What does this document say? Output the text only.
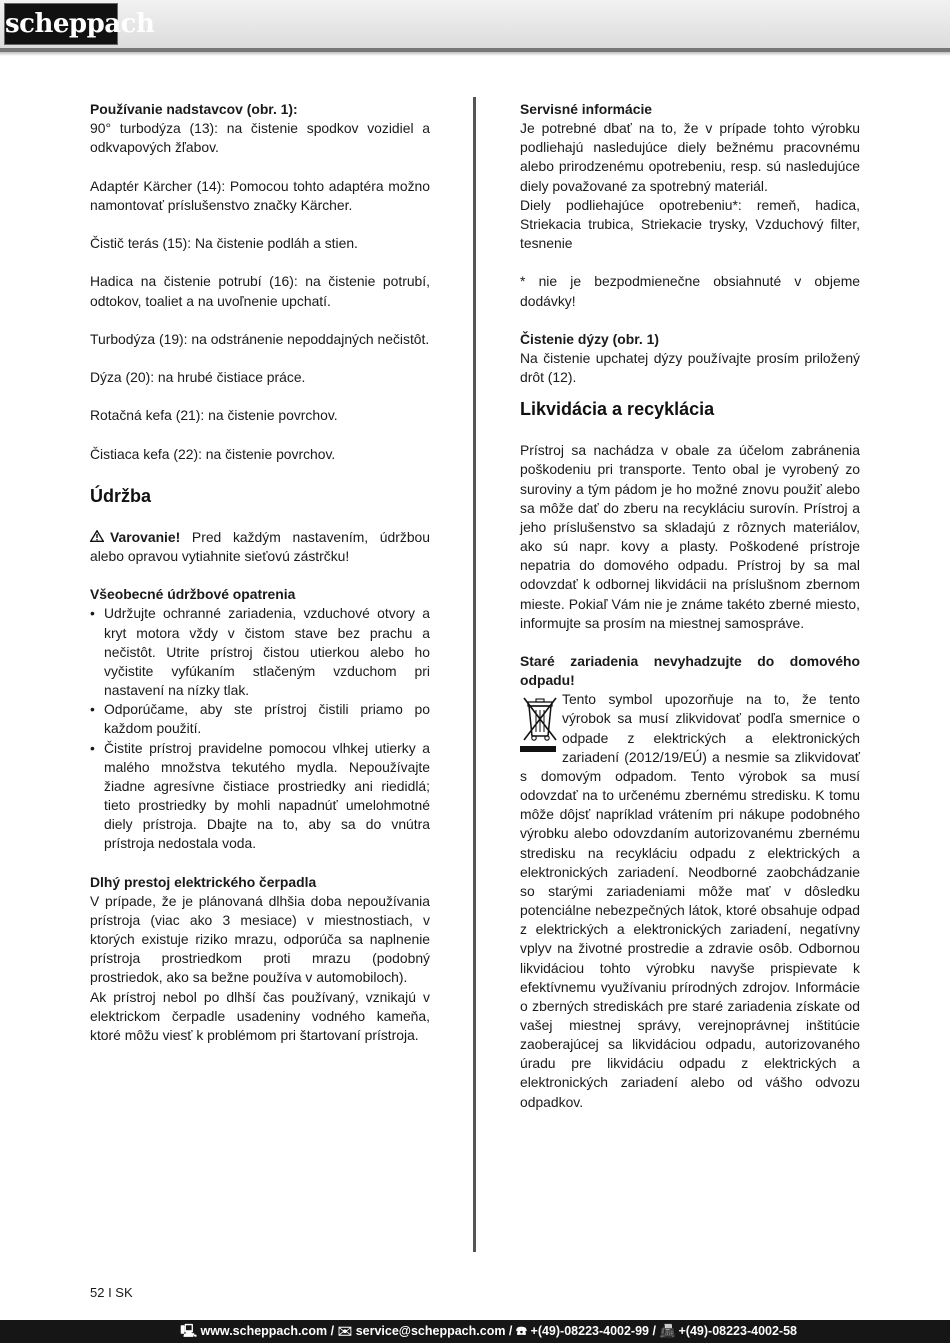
scheppach

Používanie nadstavcov (obr. 1):

90° turbodýza (13): na čistenie spodkov vozidiel a odkvapových žľabov.

Adaptér Kärcher (14): Pomocou tohto adaptéra možno namontovať príslušenstvo značky Kärcher.

Čistič terás (15): Na čistenie podláh a stien.

Hadica na čistenie potrubí (16): na čistenie potrubí, odtokov, toaliet a na uvoľnenie upchatí.

Turbodýza (19): na odstránenie nepoddajných nečistôt.

Dýza (20): na hrubé čistiace práce.

Rotačná kefa (21): na čistenie povrchov.

Čistiaca kefa (22): na čistenie povrchov.

Údržba

Varovanie! Pred každým nastavením, údržbou alebo opravou vytiahnite sieťovú zástrčku!

Všeobecné údržbové opatrenia

• Udržujte ochranné zariadenia, vzduchové otvory a kryt motora vždy v čistom stave bez prachu a nečistôt. Utrite prístroj čistou utierkou alebo ho vyčistite vyfúkaním stlačeným vzduchom pri nastavení na nízky tlak.
• Odporúčame, aby ste prístroj čistili priamo po každom použití.
• Čistite prístroj pravidelne pomocou vlhkej utierky a malého množstva tekutého mydla. Nepoužívajte žiadne agresívne čistiace prostriedky ani riedidlá; tieto prostriedky by mohli napadnúť umelohmotné diely prístroja. Dbajte na to, aby sa do vnútra prístroja nedostala voda.

Dlhý prestoj elektrického čerpadla

V prípade, že je plánovaná dlhšia doba nepoužívania prístroja (viac ako 3 mesiace) v miestnostiach, v ktorých existuje riziko mrazu, odporúča sa naplnenie prístroja prostriedkom proti mrazu (podobný prostriedok, ako sa bežne používa v automobiloch).

Ak prístroj nebol po dlhší čas používaný, vznikajú v elektrickom čerpadle usadeniny vodného kameňa, ktoré môžu viesť k problémom pri štartovaní prístroja.

Servisné informácie

Je potrebné dbať na to, že v prípade tohto výrobku podliehajú nasledujúce diely bežnému pracovnému alebo prirodzenému opotrebeniu, resp. sú nasledujúce diely považované za spotrebný materiál.

Diely podliehajúce opotrebeniu*: remeň, hadica, Striekacia trubica, Striekacie trysky, Vzduchový filter, tesnenie

* nie je bezpodmienečne obsiahnuté v objeme dodávky!

Čistenie dýzy (obr. 1)

Na čistenie upchatej dýzy používajte prosím priložený drôt (12).

Likvidácia a recyklácia

Prístroj sa nachádza v obale za účelom zabránenia poškodeniu pri transporte. Tento obal je vyrobený zo suroviny a tým pádom je ho možné znovu použiť alebo sa môže dať do zberu na recykláciu surovín. Prístroj a jeho príslušenstvo sa skladajú z rôznych materiálov, ako sú napr. kovy a plasty. Poškodené prístroje nepatria do domového odpadu. Prístroj by sa mal odovzdať k odbornej likvidácii na príslušnom zbernom mieste. Pokiaľ Vám nie je známe takéto zberné miesto, informujte sa prosím na miestnej samospráve.

Staré zariadenia nevyhadzujte do domového odpadu!

Tento symbol upozorňuje na to, že tento výrobok sa musí zlikvidovať podľa smernice o odpade z elektrických a elektronických zariadení (2012/19/EÚ) a nesmie sa zlikvidovať s domovým odpadom. Tento výrobok sa musí odovzdať na to určenému zbernému stredisku. K tomu môže dôjsť napríklad vrátením pri nákupe podobného výrobku alebo odovzdaním autorizovanému zbernému stredisku na recykláciu odpadu z elektrických a elektronických zariadení. Neodborné zaobchádzanie so starými zariadeniami môže mať v dôsledku potenciálne nebezpečných látok, ktoré obsahuje odpad z elektrických a elektronických zariadení, negatívny vplyv na životné prostredie a zdravie osôb. Odbornou likvidáciou tohto výrobku navyše prispievate k efektívnemu využívaniu prírodných zdrojov. Informácie o zberných strediskách pre staré zariadenia získate od vašej miestnej správy, verejnoprávnej inštitúcie zaoberajúcej sa likvidáciou odpadu, autorizovaného úradu pre likvidáciu odpadu z elektrických a elektronických zariadení alebo od vášho odvozu odpadkov.

52 I SK
🖳 www.scheppach.com / ✉ service@scheppach.com / ☎ +(49)-08223-4002-99 / 📠 +(49)-08223-4002-58
